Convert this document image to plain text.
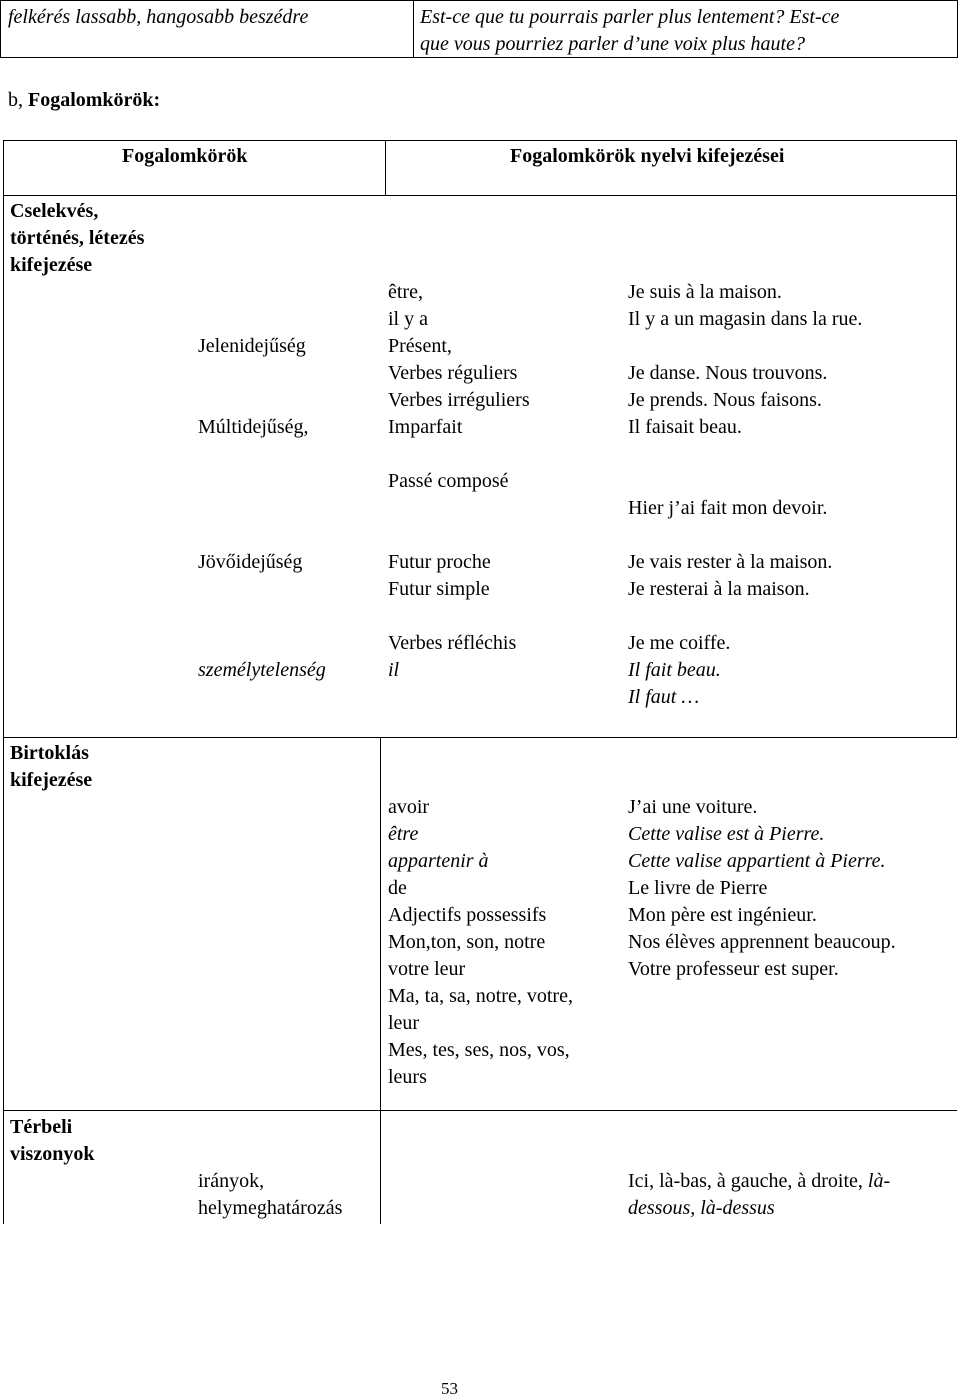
felkérés lassabb, hangosabb beszédre	Est-ce que tu pourrais parler plus lentement? Est-ce
que vous pourriez parler d’une voix plus haute?
b, Fogalomkörök:
Fogalomkörök	Fogalomkörök nyelvi kifejezései
Cselekvés,
történés, létezés
kifejezése
Jelenidejűség
Múltidejűség,
Jövőidejűség
személytelenség
être,
il y a
Présent,
Verbes réguliers
Verbes irréguliers
Imparfait
Passé composé
Futur proche
Futur simple
Verbes réfléchis
il
Je suis à la maison.
Il y a un magasin dans la rue.
Je danse. Nous trouvons.
Je prends. Nous faisons.
Il faisait beau.
Hier j’ai fait mon devoir.
Je vais rester à la maison.
Je resterai à la maison.
Je me coiffe.
Il fait beau.
Il faut …
Birtoklás
kifejezése
avoir
être
appartenir à
de
Adjectifs possessifs
Mon,ton, son, notre
votre leur
Ma, ta, sa, notre, votre,
leur
Mes, tes, ses, nos, vos,
leurs
J’ai une voiture.
Cette valise est à Pierre.
Cette valise appartient à Pierre.
Le livre de Pierre
Mon père est ingénieur.
Nos élèves apprennent beaucoup.
Votre professeur est super.
Térbeli
viszonyok
irányok,
helymeghatározás
Ici, là-bas, à gauche, à droite, là-
dessous, là-dessus
53
